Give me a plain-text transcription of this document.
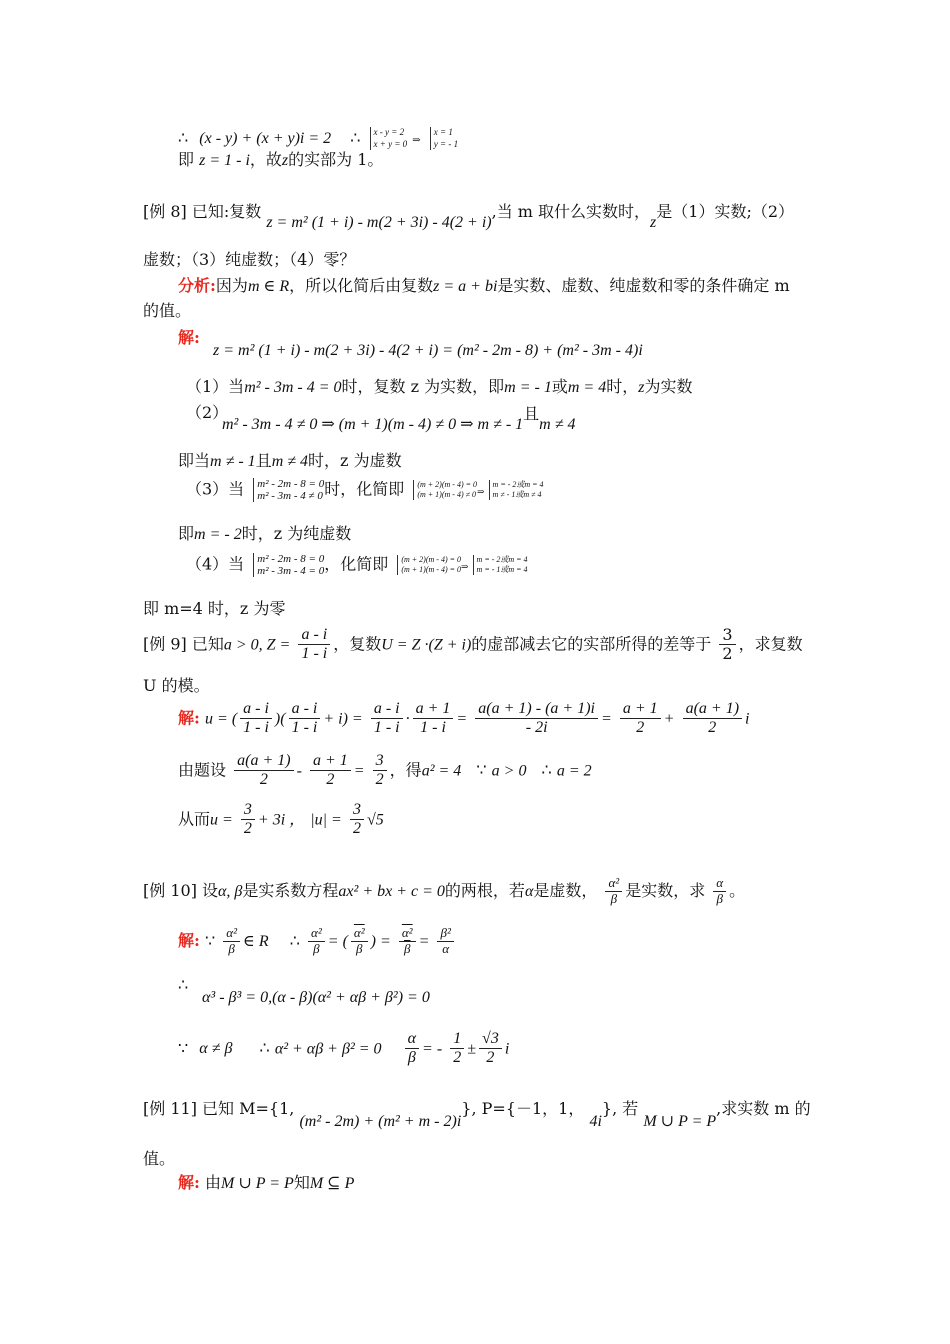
∴ (x - y) + (x + y)i = 2 ∴ x - y = 2
x + y = 0 ⇒ x = 1
y = - 1
即 z = 1 - i，故z的实部为 1。
[例 8] 已知:复数 z = m² (1 + i) - m(2 + 3i) - 4(2 + i),当 m 取什么实数时，z是（1）实数;（2）
虚数；（3）纯虚数；（4）零？
分析:因为m ∈ R，所以化简后由复数z = a + bi是实数、虚数、纯虚数和零的条件确定 m
的值。
解:
z = m² (1 + i) - m(2 + 3i) - 4(2 + i) = (m² - 2m - 8) + (m² - 3m - 4)i
（1）当m² - 3m - 4 = 0时，复数 z 为实数，即m = - 1或m = 4时，z为实数
（2）
m² - 3m - 4 ≠ 0 ⇒ (m + 1)(m - 4) ≠ 0 ⇒ m ≠ - 1且m ≠ 4
即当m ≠ - 1且m ≠ 4时，z 为虚数
（3）当 m² - 2m - 8 = 0
m² - 3m - 4 ≠ 0时，化简即 (m + 2)(m - 4) = 0
(m + 1)(m - 4) ≠ 0⇒m = - 2或m = 4
m ≠ - 1或m ≠ 4
即m = - 2时，z 为纯虚数
（4）当 m² - 2m - 8 = 0
m² - 3m - 4 = 0，化简即 (m + 2)(m - 4) = 0
(m + 1)(m - 4) = 0⇒m = - 2或m = 4
m = - 1或m = 4
即 m=4 时，z 为零
[例 9] 已知a > 0, $Z = \frac{a - i}{1 - i}$ ，复数U = Z ·(Z + i)的虚部减去它的实部所得的差等于 $\frac{3}{2}$ ，求复数
U 的模。
解: u = ( $\frac{a - i}{1 - i}$ )( $\frac{a - i}{1 - i} + i) = \frac{a - i}{1 - i} \cdot \frac{a + 1}{1 - i} = \frac{a(a + 1) - (a + 1)i}{- 2i} = \frac{a + 1}{2} + \frac{a(a + 1)}{2}$ i
由题设 $\frac{a(a + 1)}{2} - \frac{a + 1}{2} = \frac{3}{2}$ ，得a² = 4 ∵ a > 0 ∴ a = 2
从而$u = \frac{3}{2} + 3i$ ， $|u| = \frac{3}{2} √5$
[例 10] 设α, β是实系数方程ax² + bx + c = 0的两根，若α是虚数， $\frac{\text{α²}}{\beta}$ 是实数，求 $\frac{\alpha}{\beta}$ 。
解: ∵ $\frac{\text{α²}}{\beta}$ ∈ R ∴ $\frac{\text{α²}}{\beta}$ = ( $\frac{\text{α²}}{\beta}$ ) = $\frac{\text{α²}}{\beta} = \frac{\text{β²}}{\alpha}$
∴
α³ - β³ = 0,(α - β)(α² + αβ + β²) = 0
∵ α ≠ β ∴ $\alpha^2 + \alpha\beta + \beta^2 = 0 \frac{\alpha}{\beta}$ = - $\frac{1}{2} \pm \frac{√3}{2}$ i
[例 11] 已知 M={1, (m² - 2m) + (m² + m - 2)i}, P={－1，1， 4i}, 若 M ∪ P = P,求实数 m 的
值。
解: 由M ∪ P = P知M ⊆ P
